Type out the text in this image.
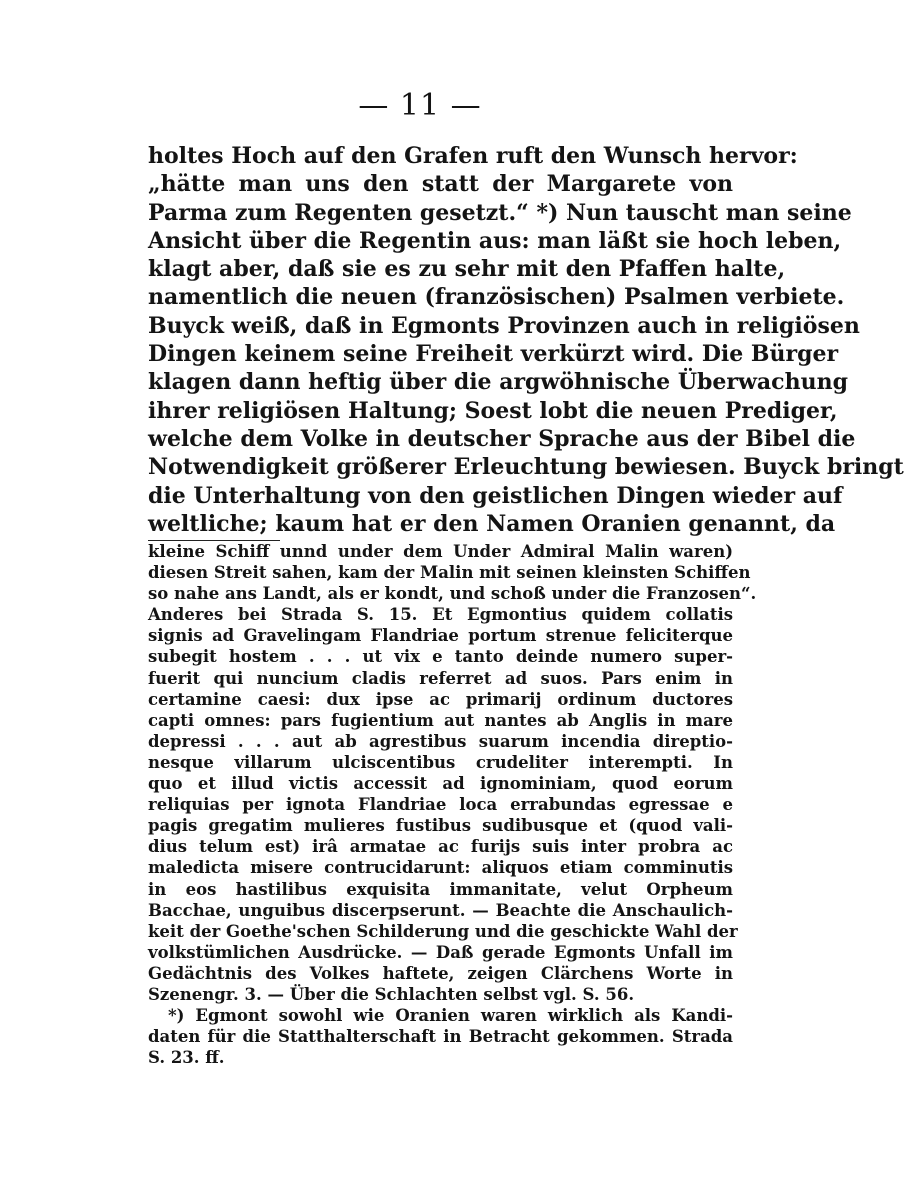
— 11 —
holtes Hoch auf den Grafen ruft den Wunsch hervor:
„hätte man uns den statt der Margarete von
Parma zum Regenten gesetzt.“ *) Nun tauscht man seine
Ansicht über die Regentin aus: man läßt sie hoch leben,
klagt aber, daß sie es zu sehr mit den Pfaffen halte,
namentlich die neuen (französischen) Psalmen verbiete.
Buyck weiß, daß in Egmonts Provinzen auch in religiösen
Dingen keinem seine Freiheit verkürzt wird. Die Bürger
klagen dann heftig über die argwöhnische Überwachung
ihrer religiösen Haltung; Soest lobt die neuen Prediger,
welche dem Volke in deutscher Sprache aus der Bibel die
Notwendigkeit größerer Erleuchtung bewiesen. Buyck bringt
die Unterhaltung von den geistlichen Dingen wieder auf
weltliche; kaum hat er den Namen Oranien genannt, da
kleine Schiff unnd under dem Under Admiral Malin waren)
diesen Streit sahen, kam der Malin mit seinen kleinsten Schiffen
so nahe ans Landt, als er kondt, und schoß under die Franzosen“.
Anderes bei Strada S. 15. Et Egmontius quidem collatis
signis ad Gravelingam Flandriae portum strenue feliciterque
subegit hostem . . . ut vix e tanto deinde numero super-
fuerit qui nuncium cladis referret ad suos. Pars enim in
certamine caesi: dux ipse ac primarij ordinum ductores
capti omnes: pars fugientium aut nantes ab Anglis in mare
depressi . . . aut ab agrestibus suarum incendia direptio-
nesque villarum ulciscentibus crudeliter interempti. In
quo et illud victis accessit ad ignominiam, quod eorum
reliquias per ignota Flandriae loca errabundas egressae e
pagis gregatim mulieres fustibus sudibusque et (quod vali-
dius telum est) irâ armatae ac furijs suis inter probra ac
maledicta misere contrucidarunt: aliquos etiam comminutis
in eos hastilibus exquisita immanitate, velut Orpheum
Bacchae, unguibus discerpserunt. — Beachte die Anschaulich-
keit der Goethe'schen Schilderung und die geschickte Wahl der
volkstümlichen Ausdrücke. — Daß gerade Egmonts Unfall im
Gedächtnis des Volkes haftete, zeigen Clärchens Worte in
Szenengr. 3. — Über die Schlachten selbst vgl. S. 56.
*) Egmont sowohl wie Oranien waren wirklich als Kandi-
daten für die Statthalterschaft in Betracht gekommen. Strada
S. 23. ff.
